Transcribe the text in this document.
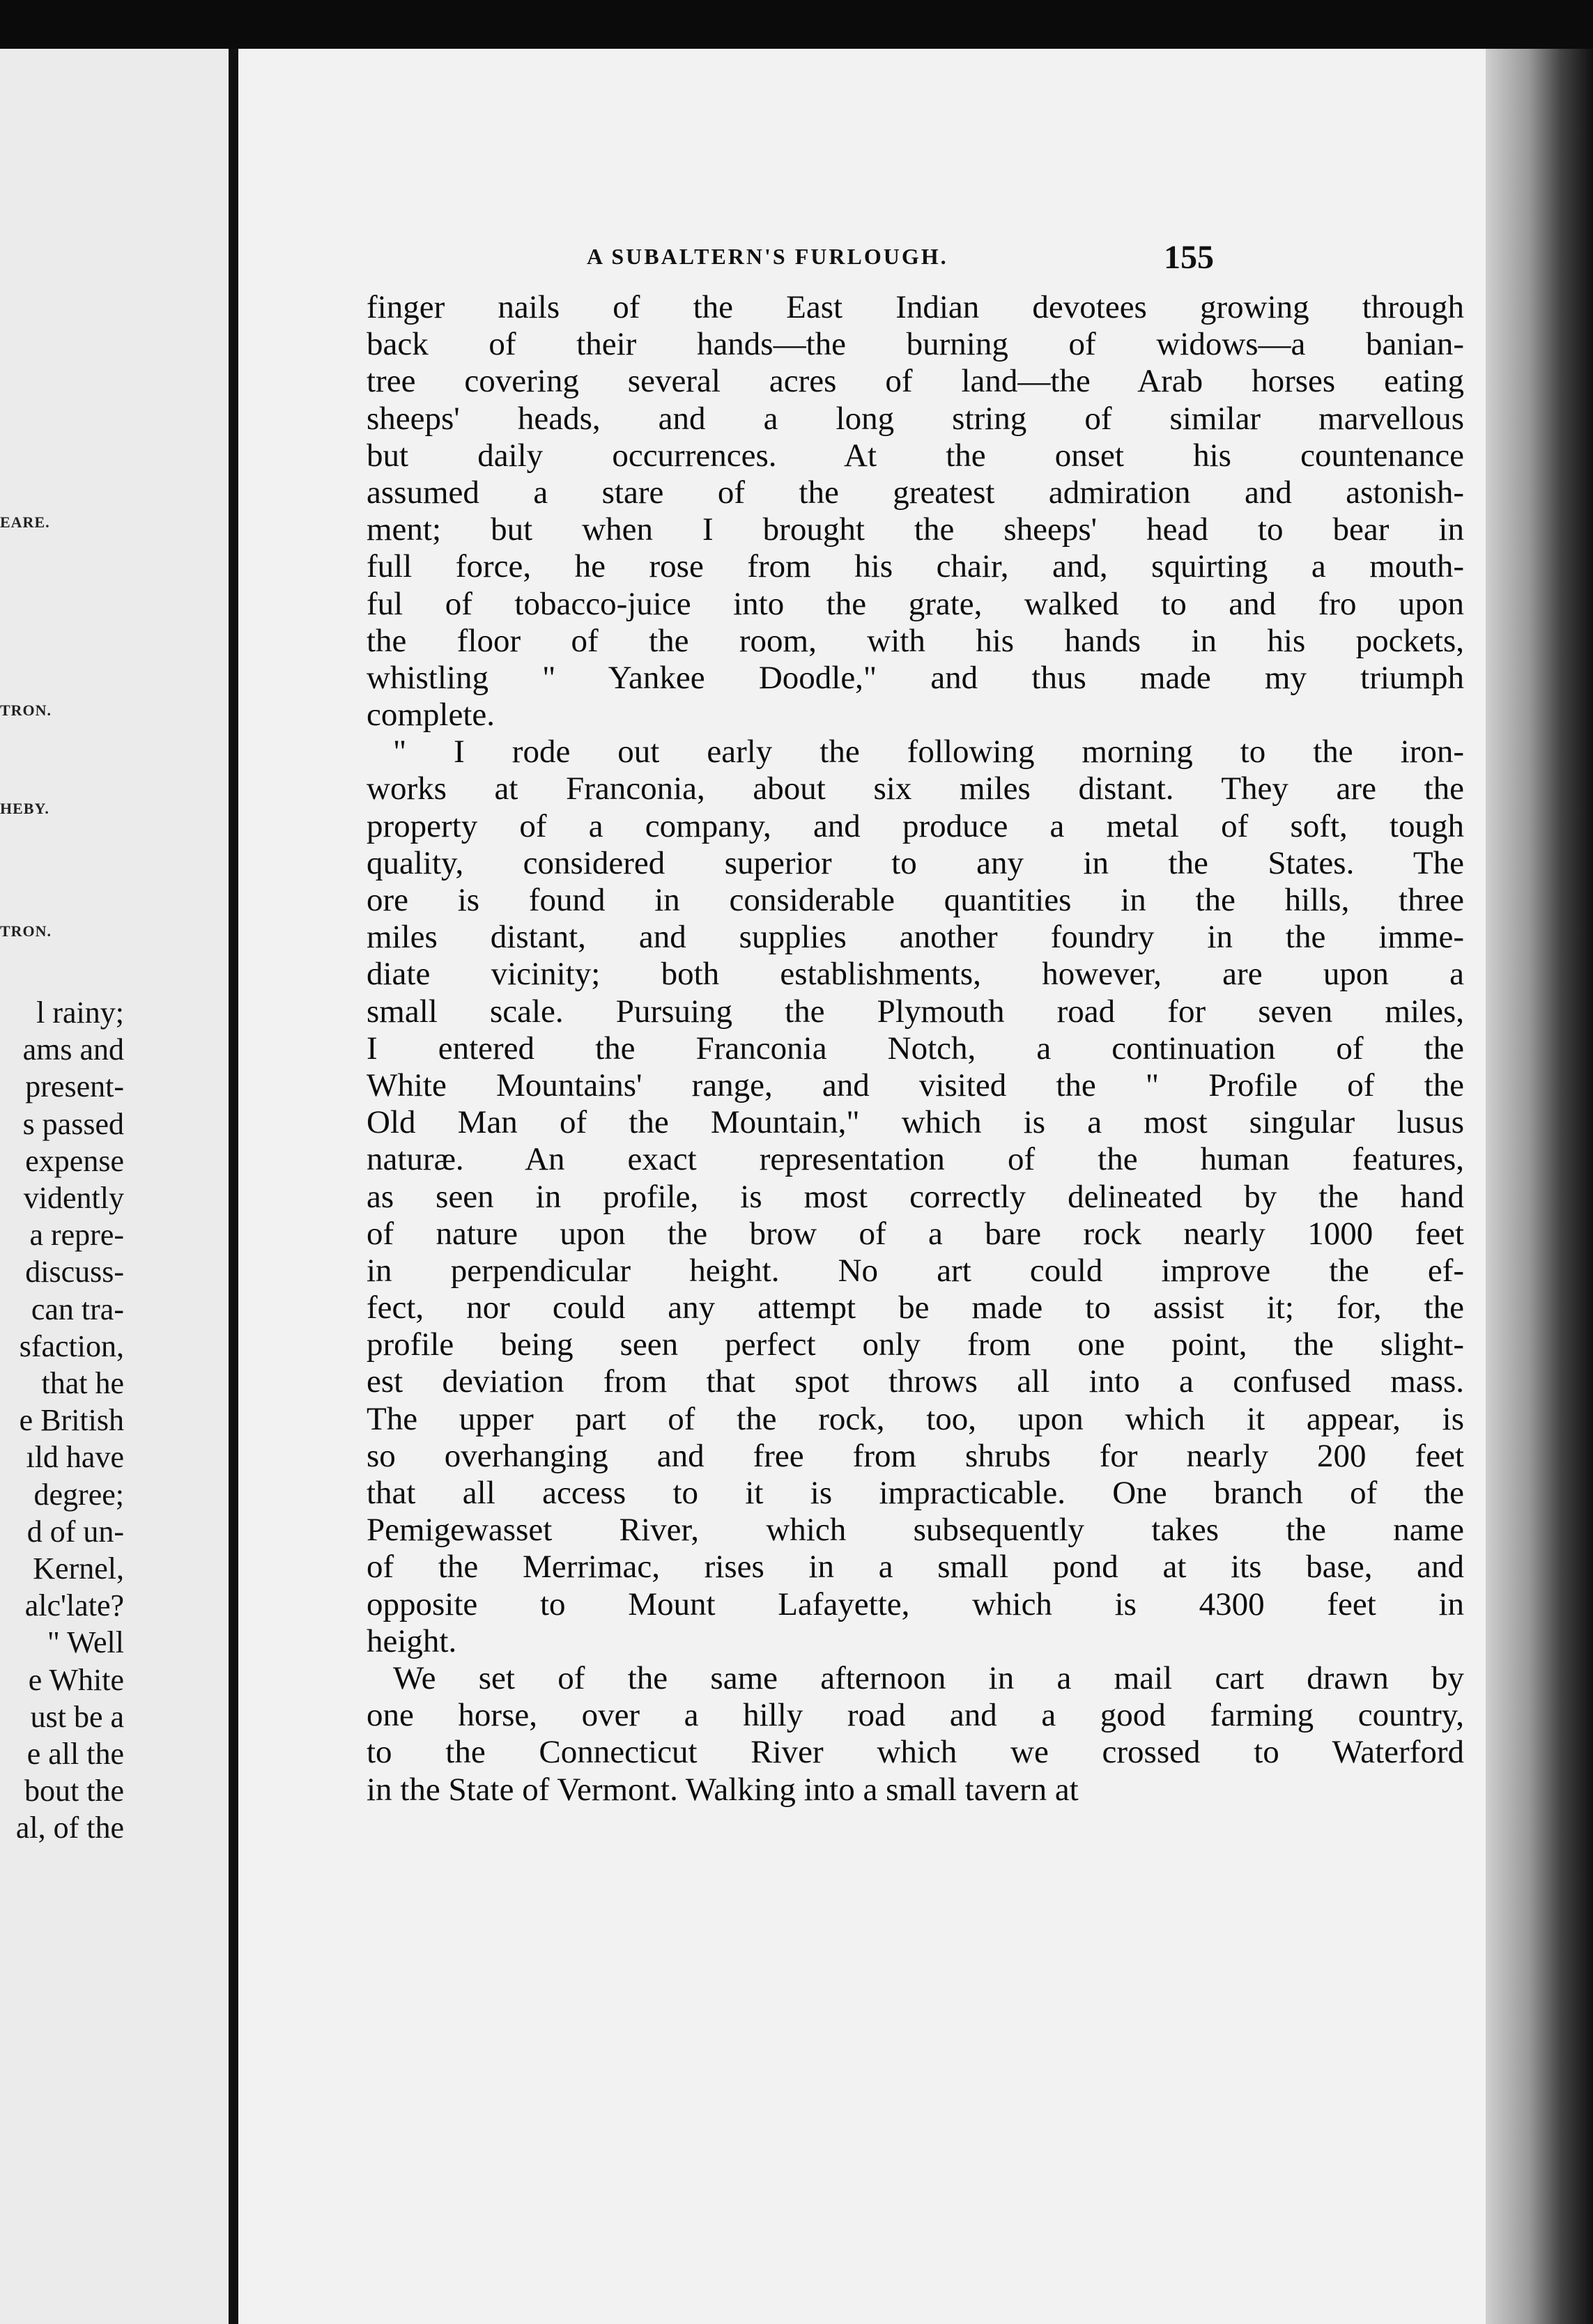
EARE.
TRON.
HEBY.
TRON.
l rainy;
ams and
present-
s passed
expense
vidently
a repre-
discuss-
can tra-
sfaction,
that he
e British
ıld have
degree;
d of un-
Kernel,
alc'late?
" Well
e White
ust be a
e all the
bout the
al, of the
A SUBALTERN'S FURLOUGH.	155
finger nails of the East Indian devotees growing through
back of their hands—the burning of widows—a banian-
tree covering several acres of land—the Arab horses eating
sheeps' heads, and a long string of similar marvellous
but daily occurrences. At the onset his countenance
assumed a stare of the greatest admiration and astonish-
ment; but when I brought the sheeps' head to bear in
full force, he rose from his chair, and, squirting a mouth-
ful of tobacco-juice into the grate, walked to and fro upon
the floor of the room, with his hands in his pockets,
whistling " Yankee Doodle," and thus made my triumph
complete.
" I rode out early the following morning to the iron-
works at Franconia, about six miles distant. They are the
property of a company, and produce a metal of soft, tough
quality, considered superior to any in the States. The
ore is found in considerable quantities in the hills, three
miles distant, and supplies another foundry in the imme-
diate vicinity; both establishments, however, are upon a
small scale. Pursuing the Plymouth road for seven miles,
I entered the Franconia Notch, a continuation of the
White Mountains' range, and visited the " Profile of the
Old Man of the Mountain," which is a most singular lusus
naturæ. An exact representation of the human features,
as seen in profile, is most correctly delineated by the hand
of nature upon the brow of a bare rock nearly 1000 feet
in perpendicular height. No art could improve the ef-
fect, nor could any attempt be made to assist it; for, the
profile being seen perfect only from one point, the slight-
est deviation from that spot throws all into a confused mass.
The upper part of the rock, too, upon which it appear, is
so overhanging and free from shrubs for nearly 200 feet
that all access to it is impracticable. One branch of the
Pemigewasset River, which subsequently takes the name
of the Merrimac, rises in a small pond at its base, and
opposite to Mount Lafayette, which is 4300 feet in
height.
We set of the same afternoon in a mail cart drawn by
one horse, over a hilly road and a good farming country,
to the Connecticut River which we crossed to Waterford
in the State of Vermont. Walking into a small tavern at
